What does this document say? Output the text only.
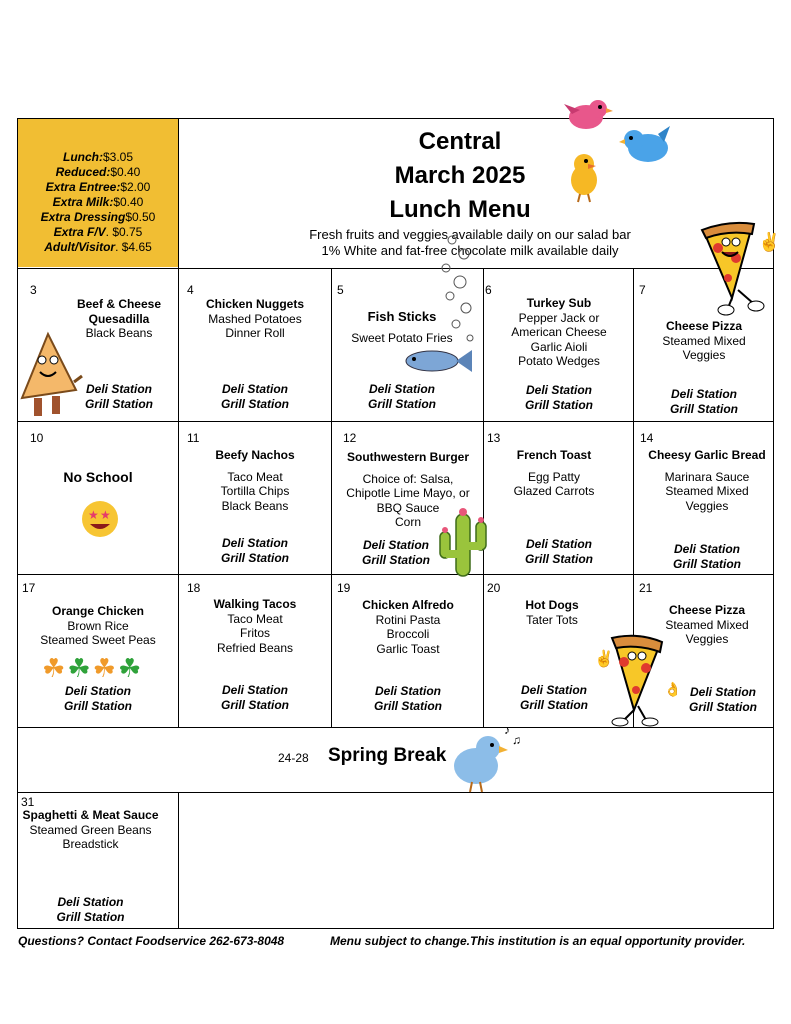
Lunch:$3.05
Reduced:$0.40
Extra Entree:$2.00
Extra Milk:$0.40
Extra Dressing$0.50
Extra F/V. $0.75
Adult/Visitor. $4.65
Central
March 2025
Lunch Menu
Fresh fruits and veggies available daily on our salad bar
1% White and fat-free chocolate milk available daily	✌
✌
👌
3
Beef & Cheese Quesadilla
Black Beans
Deli Station
Grill Station
4
Chicken Nuggets
Mashed Potatoes
Dinner Roll
Deli Station
Grill Station
5
Fish Sticks
Sweet Potato Fries
Deli Station
Grill Station
6
Turkey Sub
Pepper Jack or
American Cheese
Garlic Aioli
Potato Wedges
Deli Station
Grill Station
7
Cheese Pizza
Steamed Mixed
Veggies
Deli Station
Grill Station
10
No School
★ ★
11
Beefy Nachos
Taco Meat
Tortilla Chips
Black Beans
Deli Station
Grill Station
12
Southwestern Burger
Choice of: Salsa,
Chipotle Lime Mayo, or
BBQ Sauce
Corn
Deli Station
Grill Station
13
French Toast
Egg Patty
Glazed Carrots
Deli Station
Grill Station
14
Cheesy Garlic Bread
Marinara Sauce
Steamed Mixed
Veggies
Deli Station
Grill Station
17
Orange Chicken
Brown Rice
Steamed Sweet Peas
☘☘☘☘
Deli Station
Grill Station
18
Walking Tacos
Taco Meat
Fritos
Refried Beans
Deli Station
Grill Station
19
Chicken Alfredo
Rotini Pasta
Broccoli
Garlic Toast
Deli Station
Grill Station
20
Hot Dogs
Tater Tots
Deli Station
Grill Station
21
Cheese Pizza
Steamed Mixed
Veggies
Deli Station
Grill Station
24-28 Spring Break
♪
♫
31
Spaghetti & Meat Sauce
Steamed Green Beans
Breadstick
Deli Station
Grill Station
Questions? Contact Foodservice 262-673-8048	Menu subject to change.This institution is an equal opportunity provider.
